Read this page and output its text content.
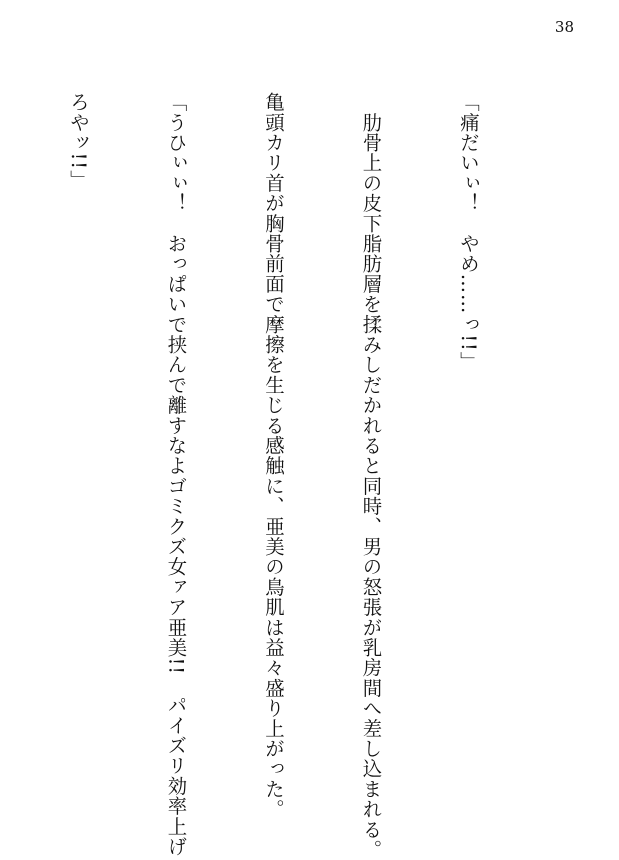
38

「痛だいぃ！　やめ……っ!!」

　肋骨上の皮下脂肪層を揉みしだかれると同時、男の怒張が乳房間へ差し込まれる。

亀頭カリ首が胸骨前面で摩擦を生じる感触に、亜美の鳥肌は益々盛り上がった。

「うひぃぃ！　おっぱいで挟んで離すなよゴミクズ女ァア亜美!!　パイズリ効率上げ

ろやッ!!」
